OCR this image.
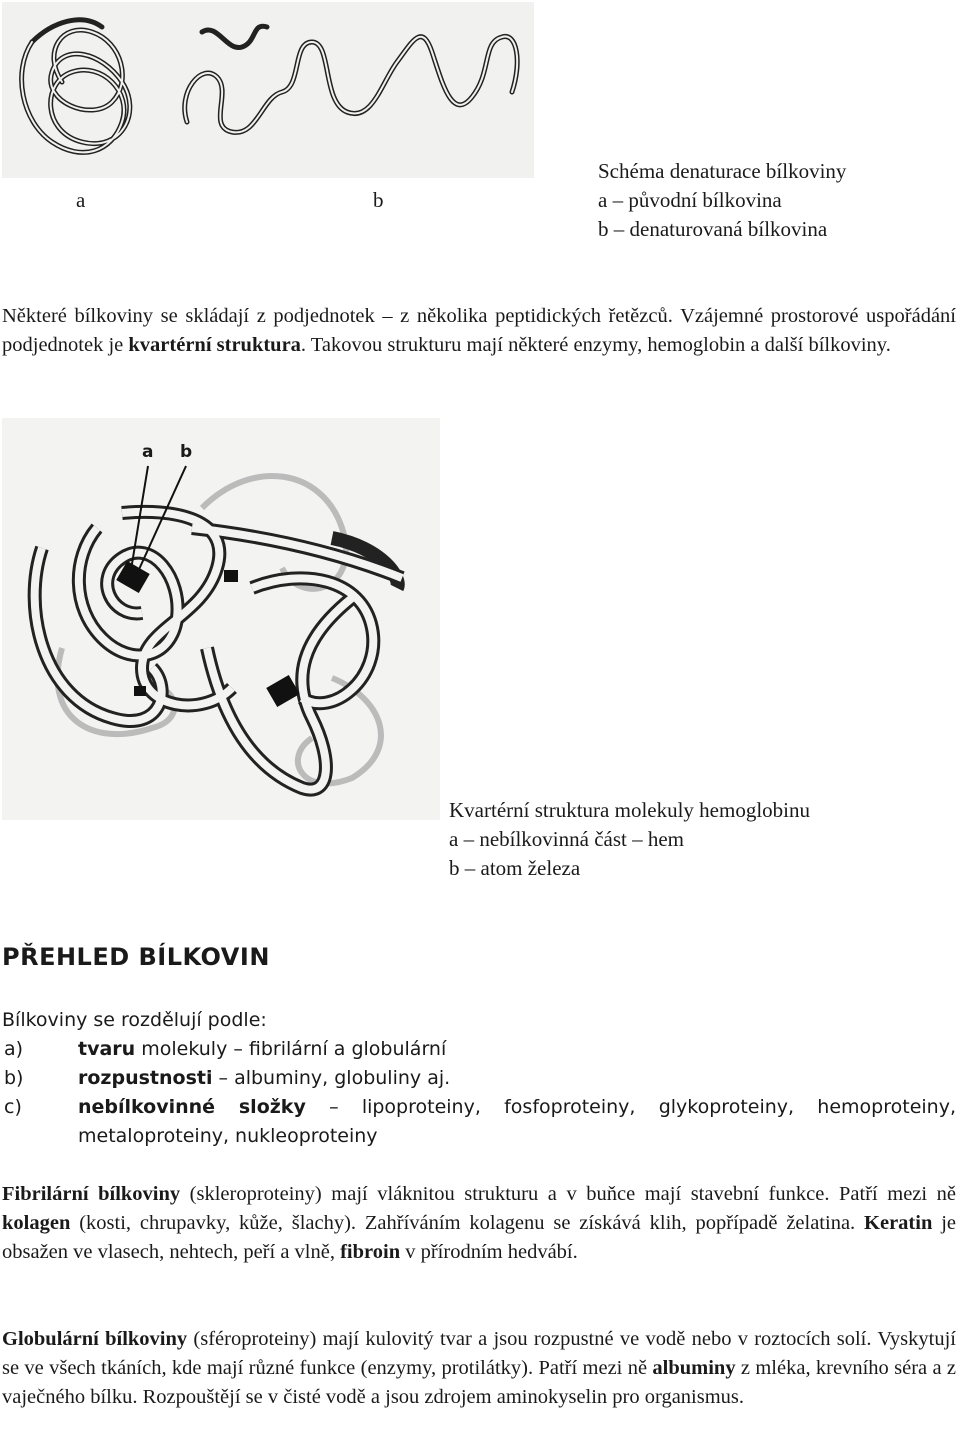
a	b
Schéma denaturace bílkoviny
a – původní bílkovina
b – denaturovaná bílkovina
Některé bílkoviny se skládají z podjednotek – z několika peptidických řetězců. Vzájemné prostorové uspořádání podjednotek je kvartérní struktura. Takovou strukturu mají některé enzymy, hemoglobin a další bílkoviny.
a b
Kvartérní struktura molekuly hemoglobinu
a – nebílkovinná část – hem
b – atom železa
PŘEHLED BÍLKOVIN
Bílkoviny se rozdělují podle:
a)	tvaru molekuly – fibrilární a globulární
b)	rozpustnosti – albuminy, globuliny aj.
c)	nebílkovinné složky – lipoproteiny, fosfoproteiny, glykoproteiny, hemoproteiny, metaloproteiny, nukleoproteiny
Fibrilární bílkoviny (skleroproteiny) mají vláknitou strukturu a v buňce mají stavební funkce. Patří mezi ně kolagen (kosti, chrupavky, kůže, šlachy). Zahříváním kolagenu se získává klih, popřípadě želatina. Keratin je obsažen ve vlasech, nehtech, peří a vlně, fibroin v přírodním hedvábí.
Globulární bílkoviny (sféroproteiny) mají kulovitý tvar a jsou rozpustné ve vodě nebo v roztocích solí. Vyskytují se ve všech tkáních, kde mají různé funkce (enzymy, protilátky). Patří mezi ně albuminy z mléka, krevního séra a z vaječného bílku. Rozpouštějí se v čisté vodě a jsou zdrojem aminokyselin pro organismus.
